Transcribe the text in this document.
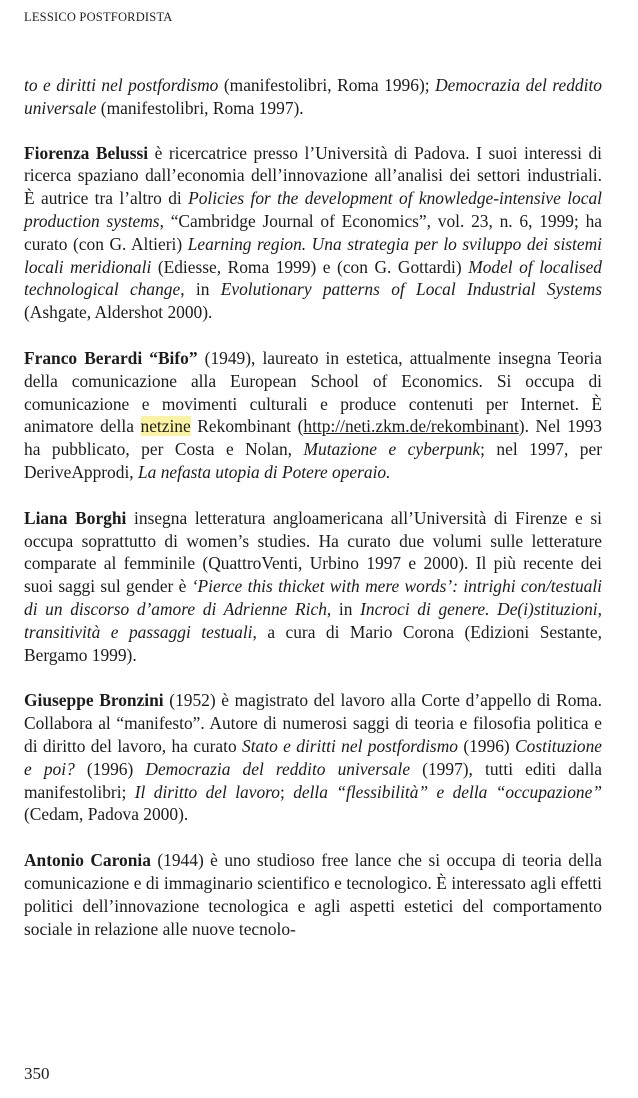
LESSICO POSTFORDISTA

to e diritti nel postfordismo (manifestolibri, Roma 1996); Democrazia del reddito universale (manifestolibri, Roma 1997).

Fiorenza Belussi è ricercatrice presso l’Università di Padova. I suoi interessi di ricerca spaziano dall’economia dell’innovazione all’analisi dei settori industriali. È autrice tra l’altro di Policies for the development of knowledge-intensive local production systems, “Cambridge Journal of Economics”, vol. 23, n. 6, 1999; ha curato (con G. Altieri) Learning region. Una strategia per lo sviluppo dei sistemi locali meridionali (Ediesse, Roma 1999) e (con G. Gottardi) Model of localised technological change, in Evolutionary patterns of Local Industrial Systems (Ashgate, Aldershot 2000).

Franco Berardi “Bifo” (1949), laureato in estetica, attualmente insegna Teoria della comunicazione alla European School of Economics. Si occupa di comunicazione e movimenti culturali e produce contenuti per Internet. È animatore della netzine Rekombinant (http://neti.zkm.de/rekombinant). Nel 1993 ha pubblicato, per Costa e Nolan, Mutazione e cyberpunk; nel 1997, per DeriveApprodi, La nefasta utopia di Potere operaio.

Liana Borghi insegna letteratura angloamericana all’Università di Firenze e si occupa soprattutto di women’s studies. Ha curato due volumi sulle letterature comparate al femminile (QuattroVenti, Urbino 1997 e 2000). Il più recente dei suoi saggi sul gender è ‘Pierce this thicket with mere words’: intrighi con/testuali di un discorso d’amore di Adrienne Rich, in Incroci di genere. De(i)stituzioni, transitività e passaggi testuali, a cura di Mario Corona (Edizioni Sestante, Bergamo 1999).

Giuseppe Bronzini (1952) è magistrato del lavoro alla Corte d’appello di Roma. Collabora al “manifesto”. Autore di numerosi saggi di teoria e filosofia politica e di diritto del lavoro, ha curato Stato e diritti nel postfordismo (1996) Costituzione e poi? (1996) Democrazia del reddito universale (1997), tutti editi dalla manifestolibri; Il diritto del lavoro; della “flessibilità” e della “occupazione” (Cedam, Padova 2000).

Antonio Caronia (1944) è uno studioso free lance che si occupa di teoria della comunicazione e di immaginario scientifico e tecnologico. È interessato agli effetti politici dell’innovazione tecnologica e agli aspetti estetici del comportamento sociale in relazione alle nuove tecnolo-

350
